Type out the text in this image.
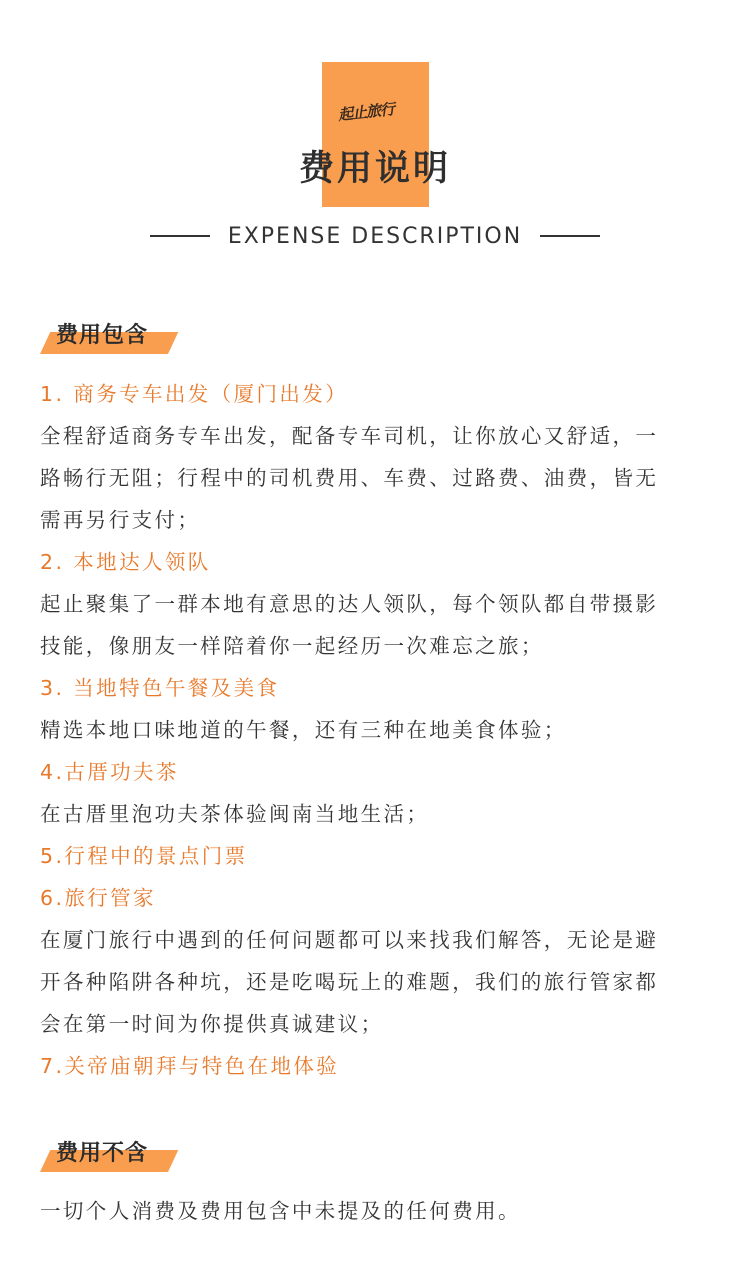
起止旅行
费用说明
EXPENSE DESCRIPTION
费用包含
1. 商务专车出发（厦门出发）
全程舒适商务专车出发，配备专车司机，让你放心又舒适，一
路畅行无阻；行程中的司机费用、车费、过路费、油费，皆无
需再另行支付；
2. 本地达人领队
起止聚集了一群本地有意思的达人领队，每个领队都自带摄影
技能，像朋友一样陪着你一起经历一次难忘之旅；
3. 当地特色午餐及美食
精选本地口味地道的午餐，还有三种在地美食体验；
4.古厝功夫茶
在古厝里泡功夫茶体验闽南当地生活；
5.行程中的景点门票
6.旅行管家
在厦门旅行中遇到的任何问题都可以来找我们解答，无论是避
开各种陷阱各种坑，还是吃喝玩上的难题，我们的旅行管家都
会在第一时间为你提供真诚建议；
7.关帝庙朝拜与特色在地体验
费用不含
一切个人消费及费用包含中未提及的任何费用。
